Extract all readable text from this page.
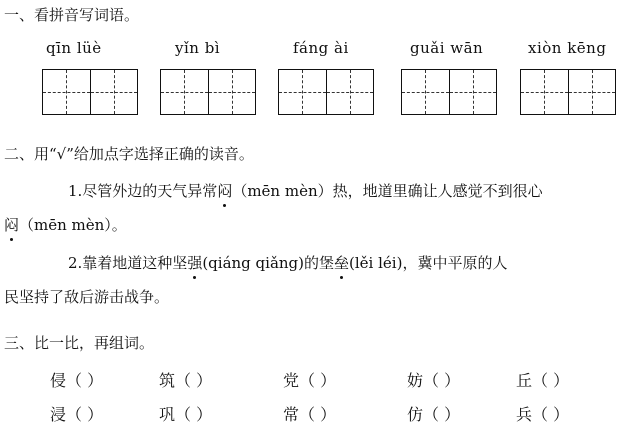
一、看拼音写词语。
qīn lüè	yǐn bì	fáng ài	guǎi wān	xiòn kēng
二、用“√”给加点字选择正确的读音。
1.尽管外边的天气异常闷（mēn mèn）热，地道里确让人感觉不到很心
闷（mēn mèn）。
2.靠着地道这种坚强(qiáng qiǎng)的堡垒(lěi léi)，冀中平原的人
民坚持了敌后游击战争。
三、比一比，再组词。
侵（ ）	筑（ ）	党（ ）	妨（ ）	丘（ ）
浸（ ）	巩（ ）	常（ ）	仿（ ）	兵（ ）
